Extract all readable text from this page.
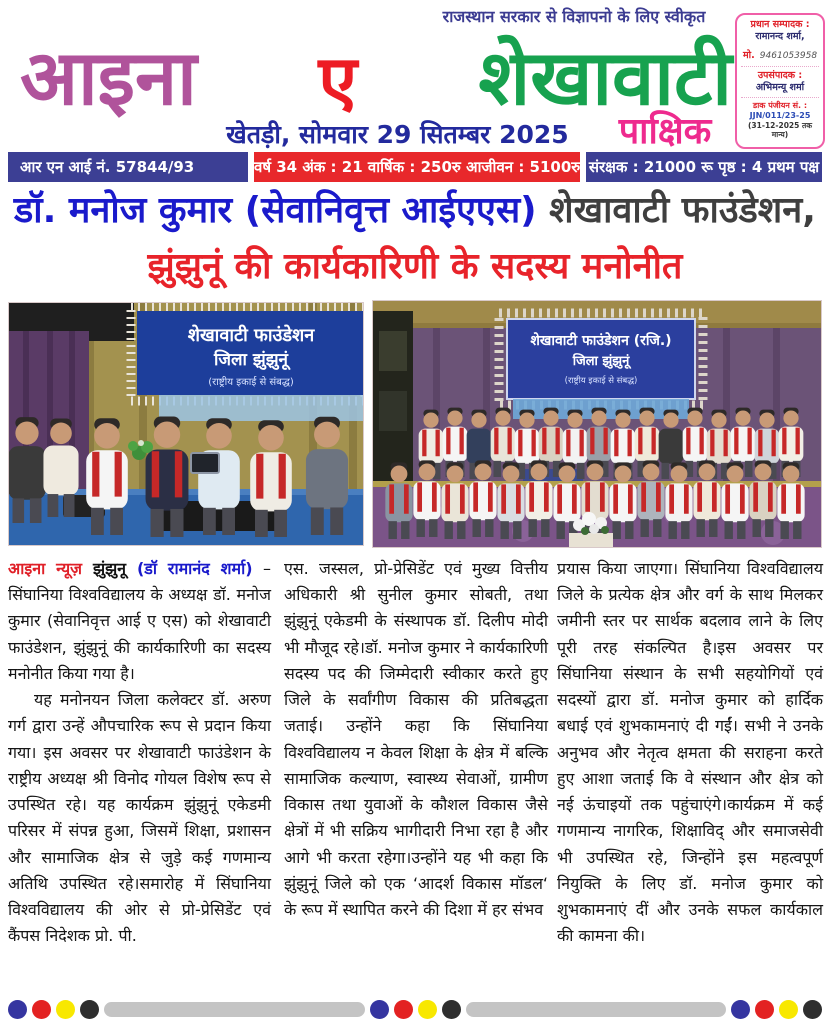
राजस्थान सरकार से विज्ञापनो के लिए स्वीकृत
आइना ए शेखावाटी
खेतड़ी, सोमवार 29 सितम्बर 2025	पाक्षिक
प्रधान सम्पादक :
रामानन्द शर्मा,
मो. 9461053958
उपसंपादक :
अभिमन्यू शर्मा
डाक पंजीयन सं. :
JJN/011/23-25
(31-12-2025 तक मान्य)
आर एन आई नं. 57844/93	वर्ष 34 अंक : 21 वार्षिक : 250रु आजीवन : 5100रु संरक्षक : 21000 रू पृष्ठ : 4 प्रथम पक्ष
डॉ. मनोज कुमार (सेवानिवृत्त आईएएस) शेखावाटी फाउंडेशन,
झुंझुनूं की कार्यकारिणी के सदस्य मनोनीत
शेखावाटी फाउंडेशन
जिला झुंझुनूं
(राष्ट्रीय इकाई से संबद्ध)
शेखावाटी फाउंडेशन (रजि.)
जिला झुंझुनूं
(राष्ट्रीय इकाई से संबद्ध)

आइना न्यूज़ झुंझुनू (डॉ रामानंद शर्मा) – सिंघानिया विश्वविद्यालय के अध्यक्ष डॉ. मनोज कुमार (सेवानिवृत्त आई ए एस) को शेखावाटी फाउंडेशन, झुंझुनूं की कार्यकारिणी का सदस्य मनोनीत किया गया है।

यह मनोनयन जिला कलेक्टर डॉ. अरुण गर्ग द्वारा उन्हें औपचारिक रूप से प्रदान किया गया। इस अवसर पर शेखावाटी फाउंडेशन के राष्ट्रीय अध्यक्ष श्री विनोद गोयल विशेष रूप से उपस्थित रहे। यह कार्यक्रम झुंझुनूं एकेडमी परिसर में संपन्न हुआ, जिसमें शिक्षा, प्रशासन और सामाजिक क्षेत्र से जुड़े कई गणमान्य अतिथि उपस्थित रहे।समारोह में सिंघानिया विश्वविद्यालय की ओर से प्रो-प्रेसिडेंट एवं कैंपस निदेशक प्रो. पी.

एस. जस्सल, प्रो-प्रेसिडेंट एवं मुख्य वित्तीय अधिकारी श्री सुनील कुमार सोबती, तथा झुंझुनूं एकेडमी के संस्थापक डॉ. दिलीप मोदी भी मौजूद रहे।डॉ. मनोज कुमार ने कार्यकारिणी सदस्य पद की जिम्मेदारी स्वीकार करते हुए जिले के सर्वांगीण विकास की प्रतिबद्धता जताई। उन्होंने कहा कि सिंघानिया विश्वविद्यालय न केवल शिक्षा के क्षेत्र में बल्कि सामाजिक कल्याण, स्वास्थ्य सेवाओं, ग्रामीण विकास तथा युवाओं के कौशल विकास जैसे क्षेत्रों में भी सक्रिय भागीदारी निभा रहा है और आगे भी करता रहेगा।उन्होंने यह भी कहा कि झुंझुनूं जिले को एक ‘आदर्श विकास मॉडल‘ के रूप में स्थापित करने की दिशा में हर संभव

प्रयास किया जाएगा। सिंघानिया विश्वविद्यालय जिले के प्रत्येक क्षेत्र और वर्ग के साथ मिलकर जमीनी स्तर पर सार्थक बदलाव लाने के लिए पूरी तरह संकल्पित है।इस अवसर पर सिंघानिया संस्थान के सभी सहयोगियों एवं सदस्यों द्वारा डॉ. मनोज कुमार को हार्दिक बधाई एवं शुभकामनाएं दी गईं। सभी ने उनके अनुभव और नेतृत्व क्षमता की सराहना करते हुए आशा जताई कि वे संस्थान और क्षेत्र को नई ऊंचाइयों तक पहुंचाएंगे।कार्यक्रम में कई गणमान्य नागरिक, शिक्षाविद् और समाजसेवी भी उपस्थित रहे, जिन्होंने इस महत्वपूर्ण नियुक्ति के लिए डॉ. मनोज कुमार को शुभकामनाएं दीं और उनके सफल कार्यकाल की कामना की।
